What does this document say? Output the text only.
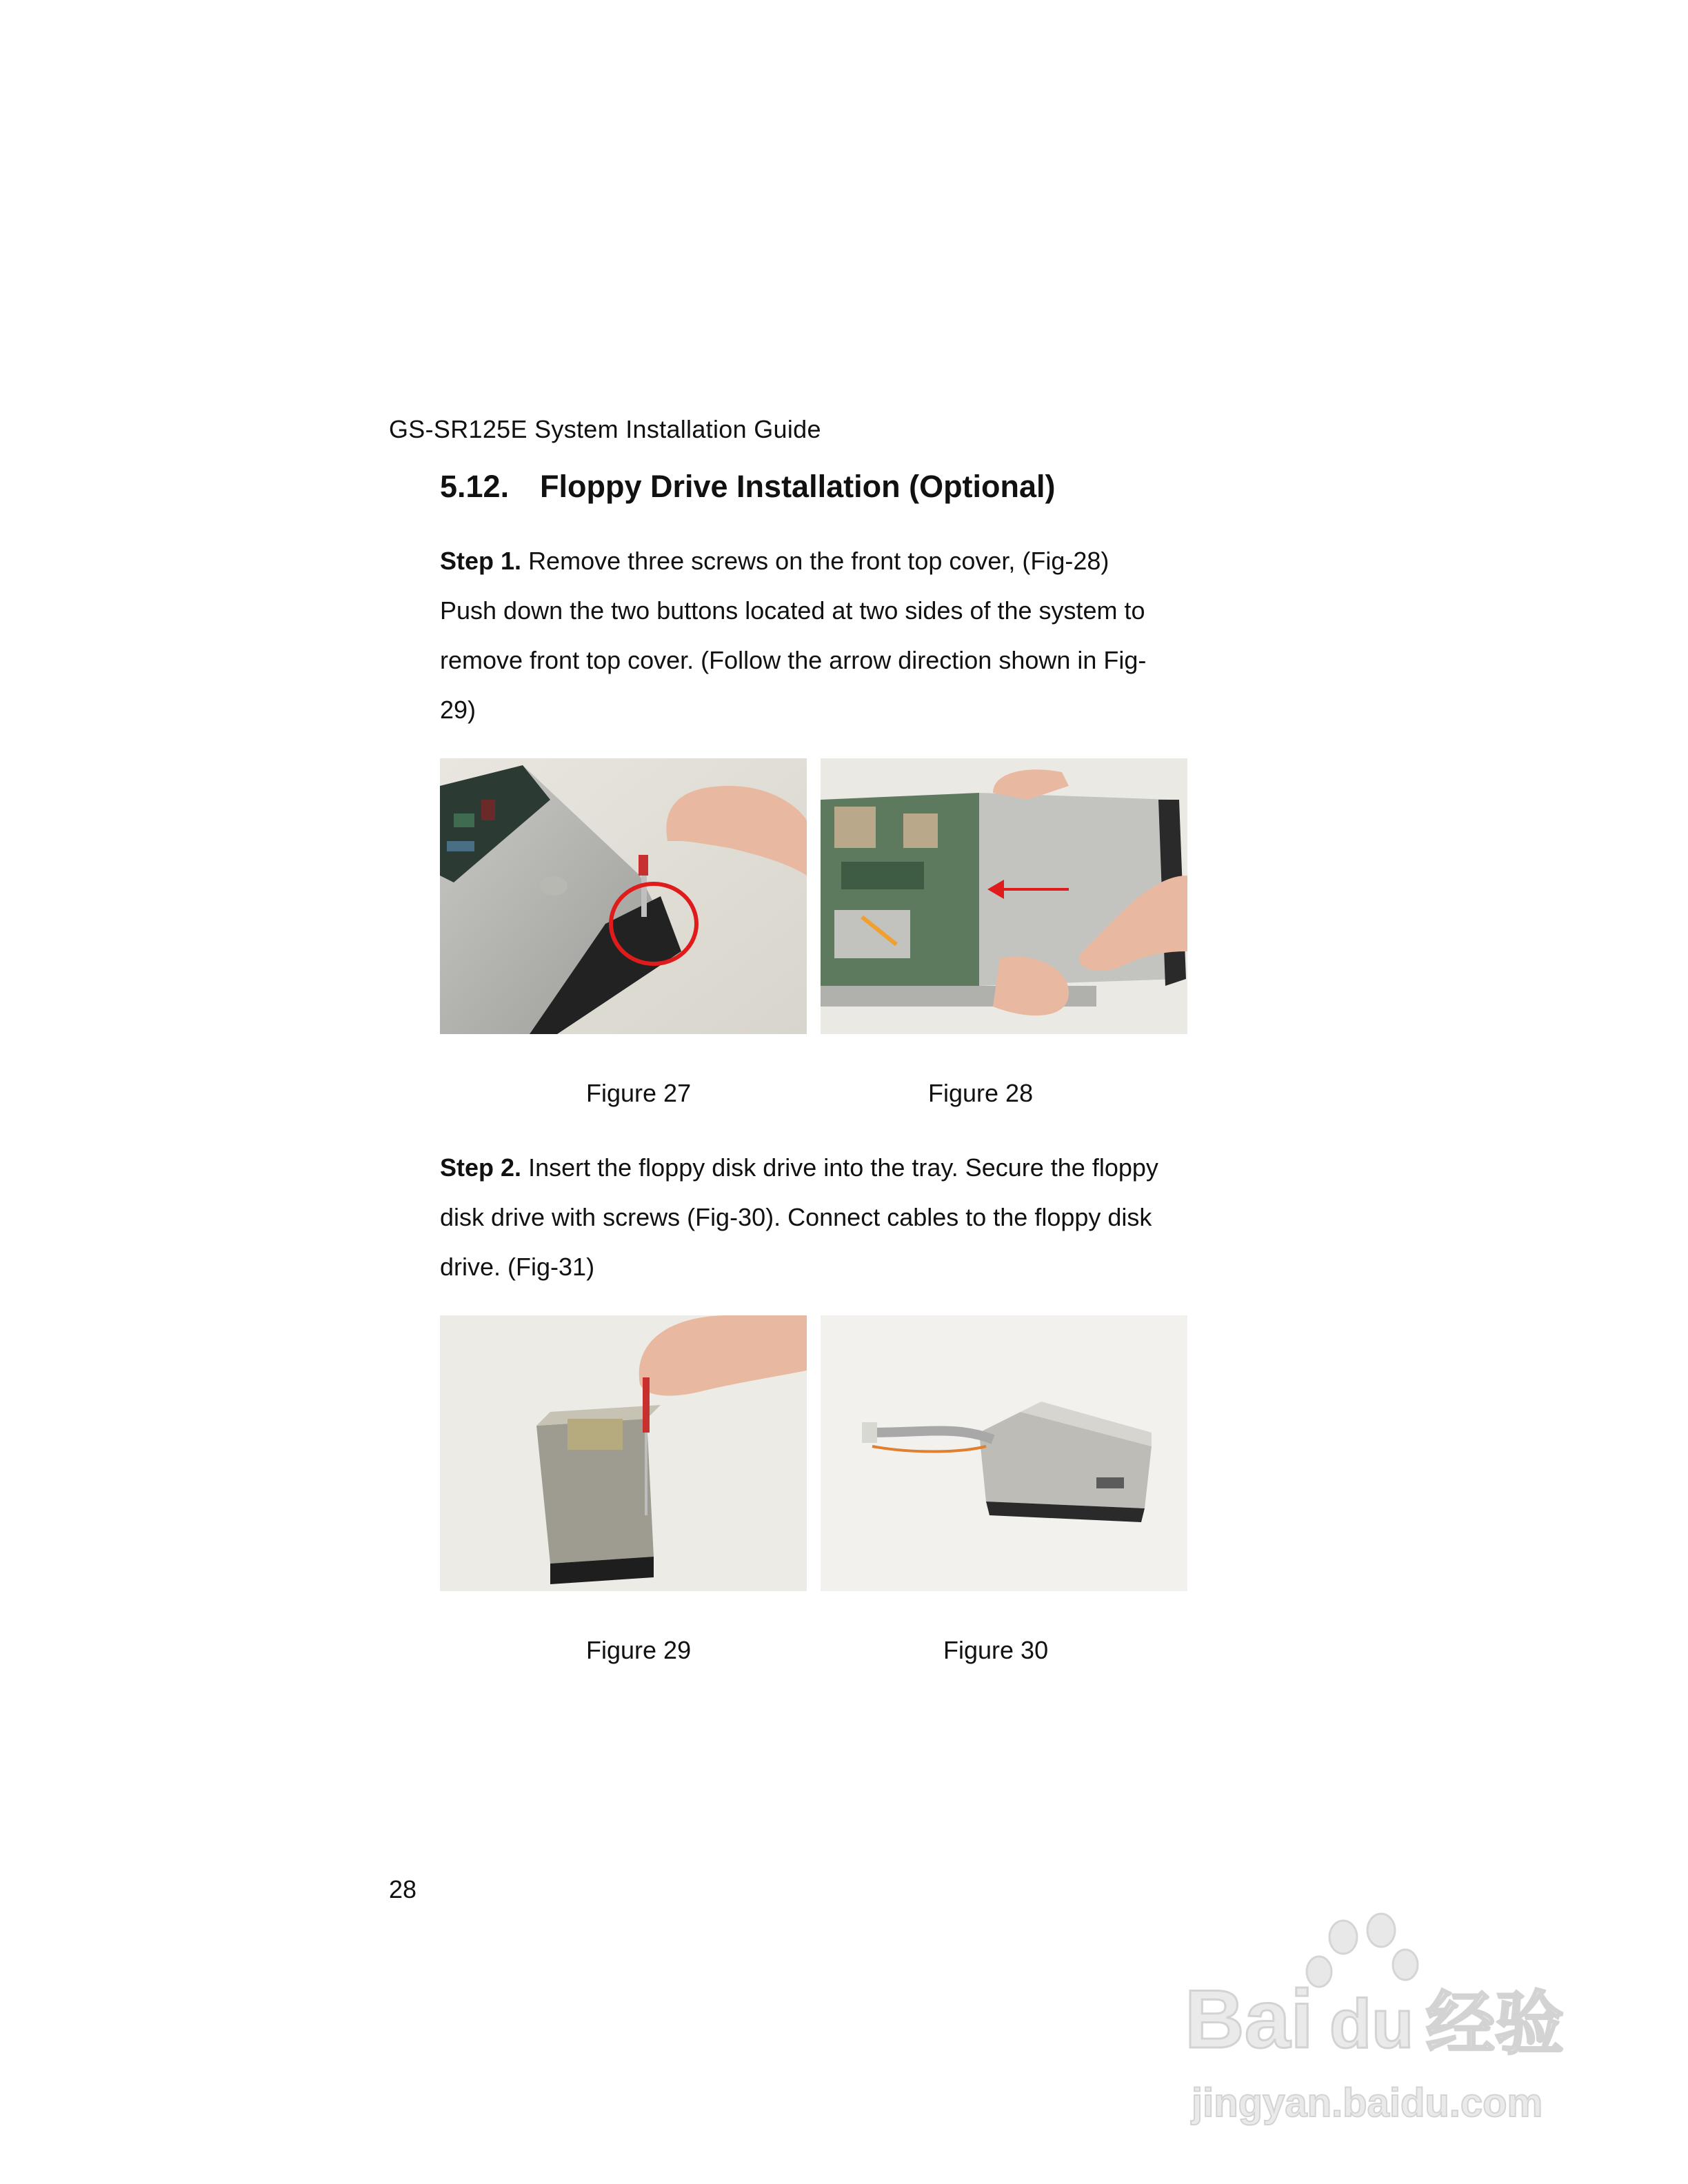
GS-SR125E System Installation Guide
5.12. Floppy Drive Installation (Optional)
Step 1. Remove three screws on the front top cover, (Fig-28)
Push down the two buttons located at two sides of the system to
remove front top cover. (Follow the arrow direction shown in Fig-
29)
Figure 27	Figure 28
Step 2. Insert the floppy disk drive into the tray. Secure the floppy
disk drive with screws (Fig-30). Connect cables to the floppy disk
drive. (Fig-31)
Figure 29	Figure 30
28
Bai du 经验
jingyan.baidu.com
